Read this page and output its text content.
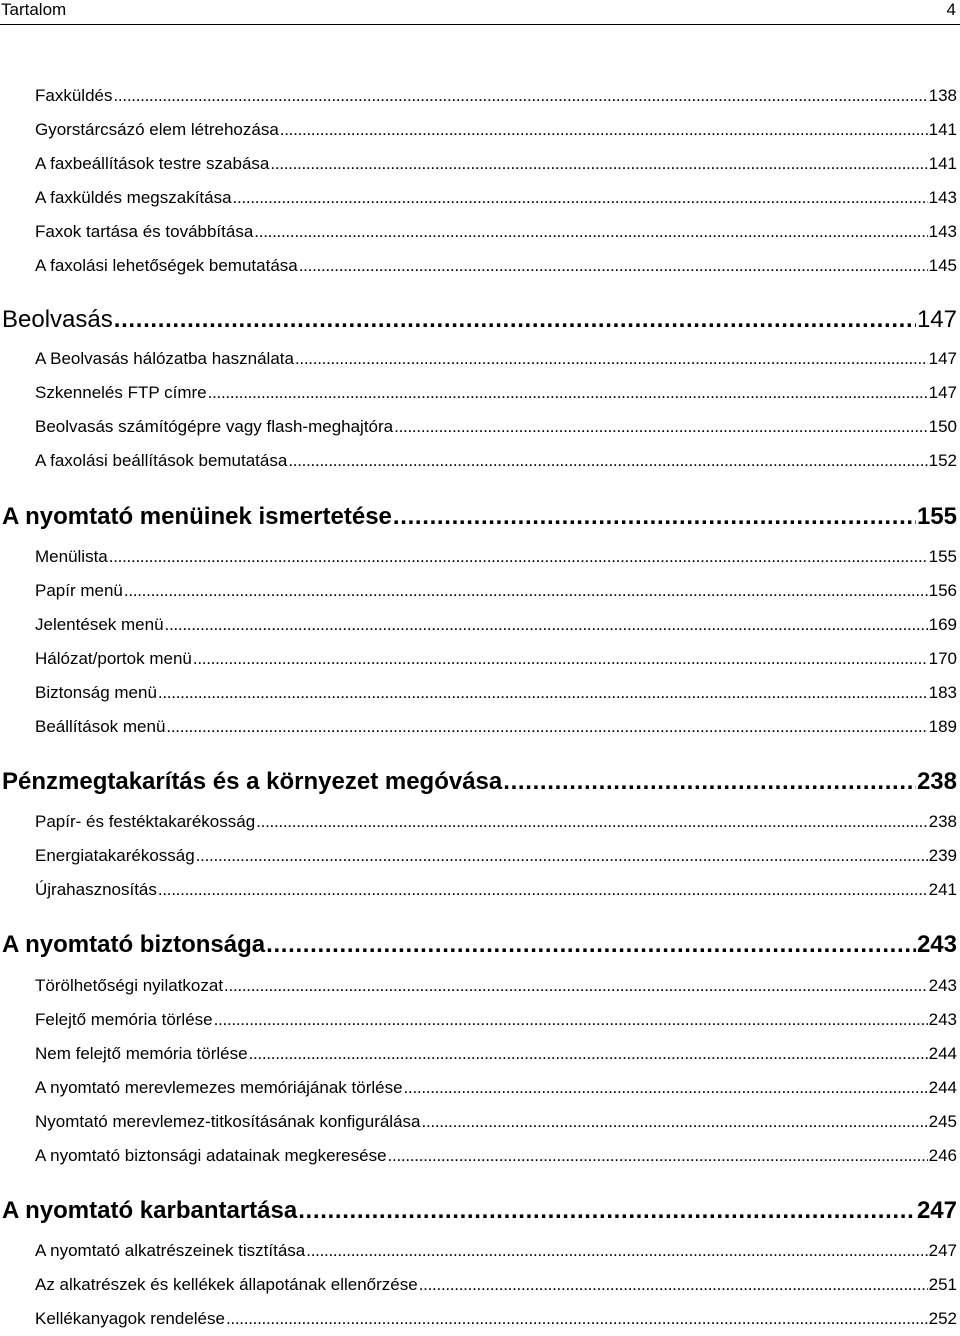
Tartalom	4
Faxküldés . . .	138
Gyorstárcsázó elem létrehozása . . .	141
A faxbeállítások testre szabása . . .	141
A faxküldés megszakítása . . .	143
Faxok tartása és továbbítása . . .	143
A faxolási lehetőségek bemutatása . . .	145
Beolvasás . . .	147
A Beolvasás hálózatba használata . . .	147
Szkennelés FTP címre . . .	147
Beolvasás számítógépre vagy flash-meghajtóra . . .	150
A faxolási beállítások bemutatása . . .	152
A nyomtató menüinek ismertetése . . .	155
Menülista . . .	155
Papír menü . . .	156
Jelentések menü . . .	169
Hálózat/portok menü . . .	170
Biztonság menü . . .	183
Beállítások menü . . .	189
Pénzmegtakarítás és a környezet megóvása . . .	238
Papír- és festéktakarékosság . . .	238
Energiatakarékosság . . .	239
Újrahasznosítás . . .	241
A nyomtató biztonsága . . .	243
Törölhetőségi nyilatkozat . . .	243
Felejtő memória törlése . . .	243
Nem felejtő memória törlése . . .	244
A nyomtató merevlemezes memóriájának törlése . . .	244
Nyomtató merevlemez-titkosításának konfigurálása . . .	245
A nyomtató biztonsági adatainak megkeresése . . .	246
A nyomtató karbantartása . . .	247
A nyomtató alkatrészeinek tisztítása . . .	247
Az alkatrészek és kellékek állapotának ellenőrzése . . .	251
Kellékanyagok rendelése . . .	252
